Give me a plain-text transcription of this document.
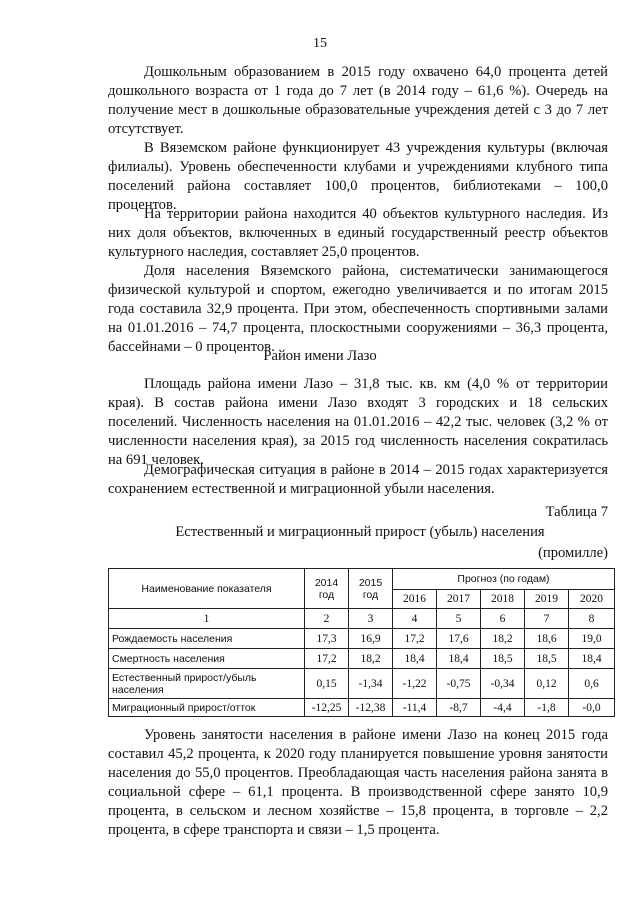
15

Дошкольным образованием в 2015 году охвачено 64,0 процента детей дошкольного возраста от 1 года до 7 лет (в 2014 году – 61,6 %). Очередь на получение мест в дошкольные образовательные учреждения детей с 3 до 7 лет отсутствует.

В Вяземском районе функционирует 43 учреждения культуры (включая филиалы). Уровень обеспеченности клубами и учреждениями клубного типа поселений района составляет 100,0 процентов, библиотеками – 100,0 процентов.

На территории района находится 40 объектов культурного наследия. Из них доля объектов, включенных в единый государственный реестр объектов культурного наследия, составляет 25,0 процентов.

Доля населения Вяземского района, систематически занимающегося физической культурой и спортом, ежегодно увеличивается и по итогам 2015 года составила 32,9 процента. При этом, обеспеченность спортивными залами на 01.01.2016 – 74,7 процента, плоскостными сооружениями – 36,3 процента, бассейнами – 0 процентов.

Район имени Лазо

Площадь района имени Лазо – 31,8 тыс. кв. км (4,0 % от территории края). В состав района имени Лазо входят 3 городских и 18 сельских поселений. Численность населения на 01.01.2016 – 42,2 тыс. человек (3,2 % от численности населения края), за 2015 год численность населения сократилась на 691 человек.

Демографическая ситуация в районе в 2014 – 2015 годах характеризуется сохранением естественной и миграционной убыли населения.

Таблица 7

Естественный и миграционный прирост (убыль) населения

(промилле)

Наименование показателя	2014 год	2015 год	Прогноз (по годам)				
			2016	2017	2018	2019	2020
1	2	3	4	5	6	7	8
Рождаемость населения	17,3	16,9	17,2	17,6	18,2	18,6	19,0
Смертность населения	17,2	18,2	18,4	18,4	18,5	18,5	18,4
Естественный прирост/убыль населения	0,15	-1,34	-1,22	-0,75	-0,34	0,12	0,6
Миграционный прирост/отток	-12,25	-12,38	-11,4	-8,7	-4,4	-1,8	-0,0

Уровень занятости населения в районе имени Лазо на конец 2015 года составил 45,2 процента, к 2020 году планируется повышение уровня занятости населения до 55,0 процентов. Преобладающая часть населения района занята в социальной сфере – 61,1 процента. В производственной сфере занято 10,9 процента, в сельском и лесном хозяйстве – 15,8 процента, в торговле – 2,2 процента, в сфере транспорта и связи – 1,5 процента.
